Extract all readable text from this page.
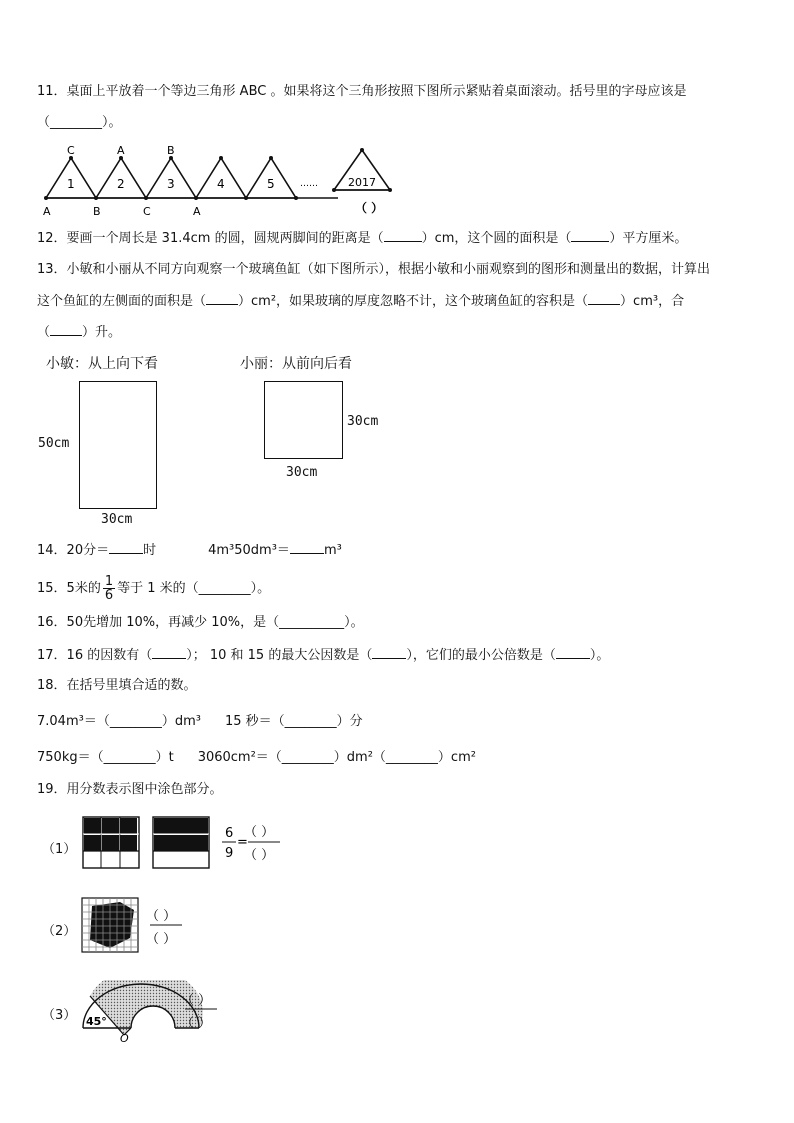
11．桌面上平放着一个等边三角形 ABC 。如果将这个三角形按照下图所示紧贴着桌面滚动。括号里的字母应该是
（________）。
C	A	B
A	B	C	A
1	2	3	4	5	……	2017
（ ）
12．要画一个周长是 31.4cm 的圆，圆规两脚间的距离是（	）cm，这个圆的面积是（	）平方厘米。
13．小敏和小丽从不同方向观察一个玻璃鱼缸（如下图所示），根据小敏和小丽观察到的图形和测量出的数据，计算出
这个鱼缸的左侧面的面积是（ ）cm²，如果玻璃的厚度忽略不计，这个玻璃鱼缸的容积是（ ）cm³，合
（ ）升。
小敏：从上向下看	小丽：从前向后看
50cm
30cm
30cm
30cm
14．20分＝	时	4m³50dm³＝	m³
15．5米的 $\frac{1}{6}$ 等于 1 米的（________）。
16．50先增加 10%，再减少 10%，是（__________）。
17．16 的因数有（	）； 10 和 15 的最大公因数是（	），它们的最小公倍数是（	）。
18．在括号里填合适的数。
7.04m³＝（________）dm³ 15 秒＝（________）分
750kg＝（________）t 3060cm²＝（________）dm²（________）cm²
19．用分数表示图中涂色部分。
（1）
6
9
=
（ ）
（ ）
（2）
（ ）
（ ）
（3） 45°
O
（ ）
（ ）
